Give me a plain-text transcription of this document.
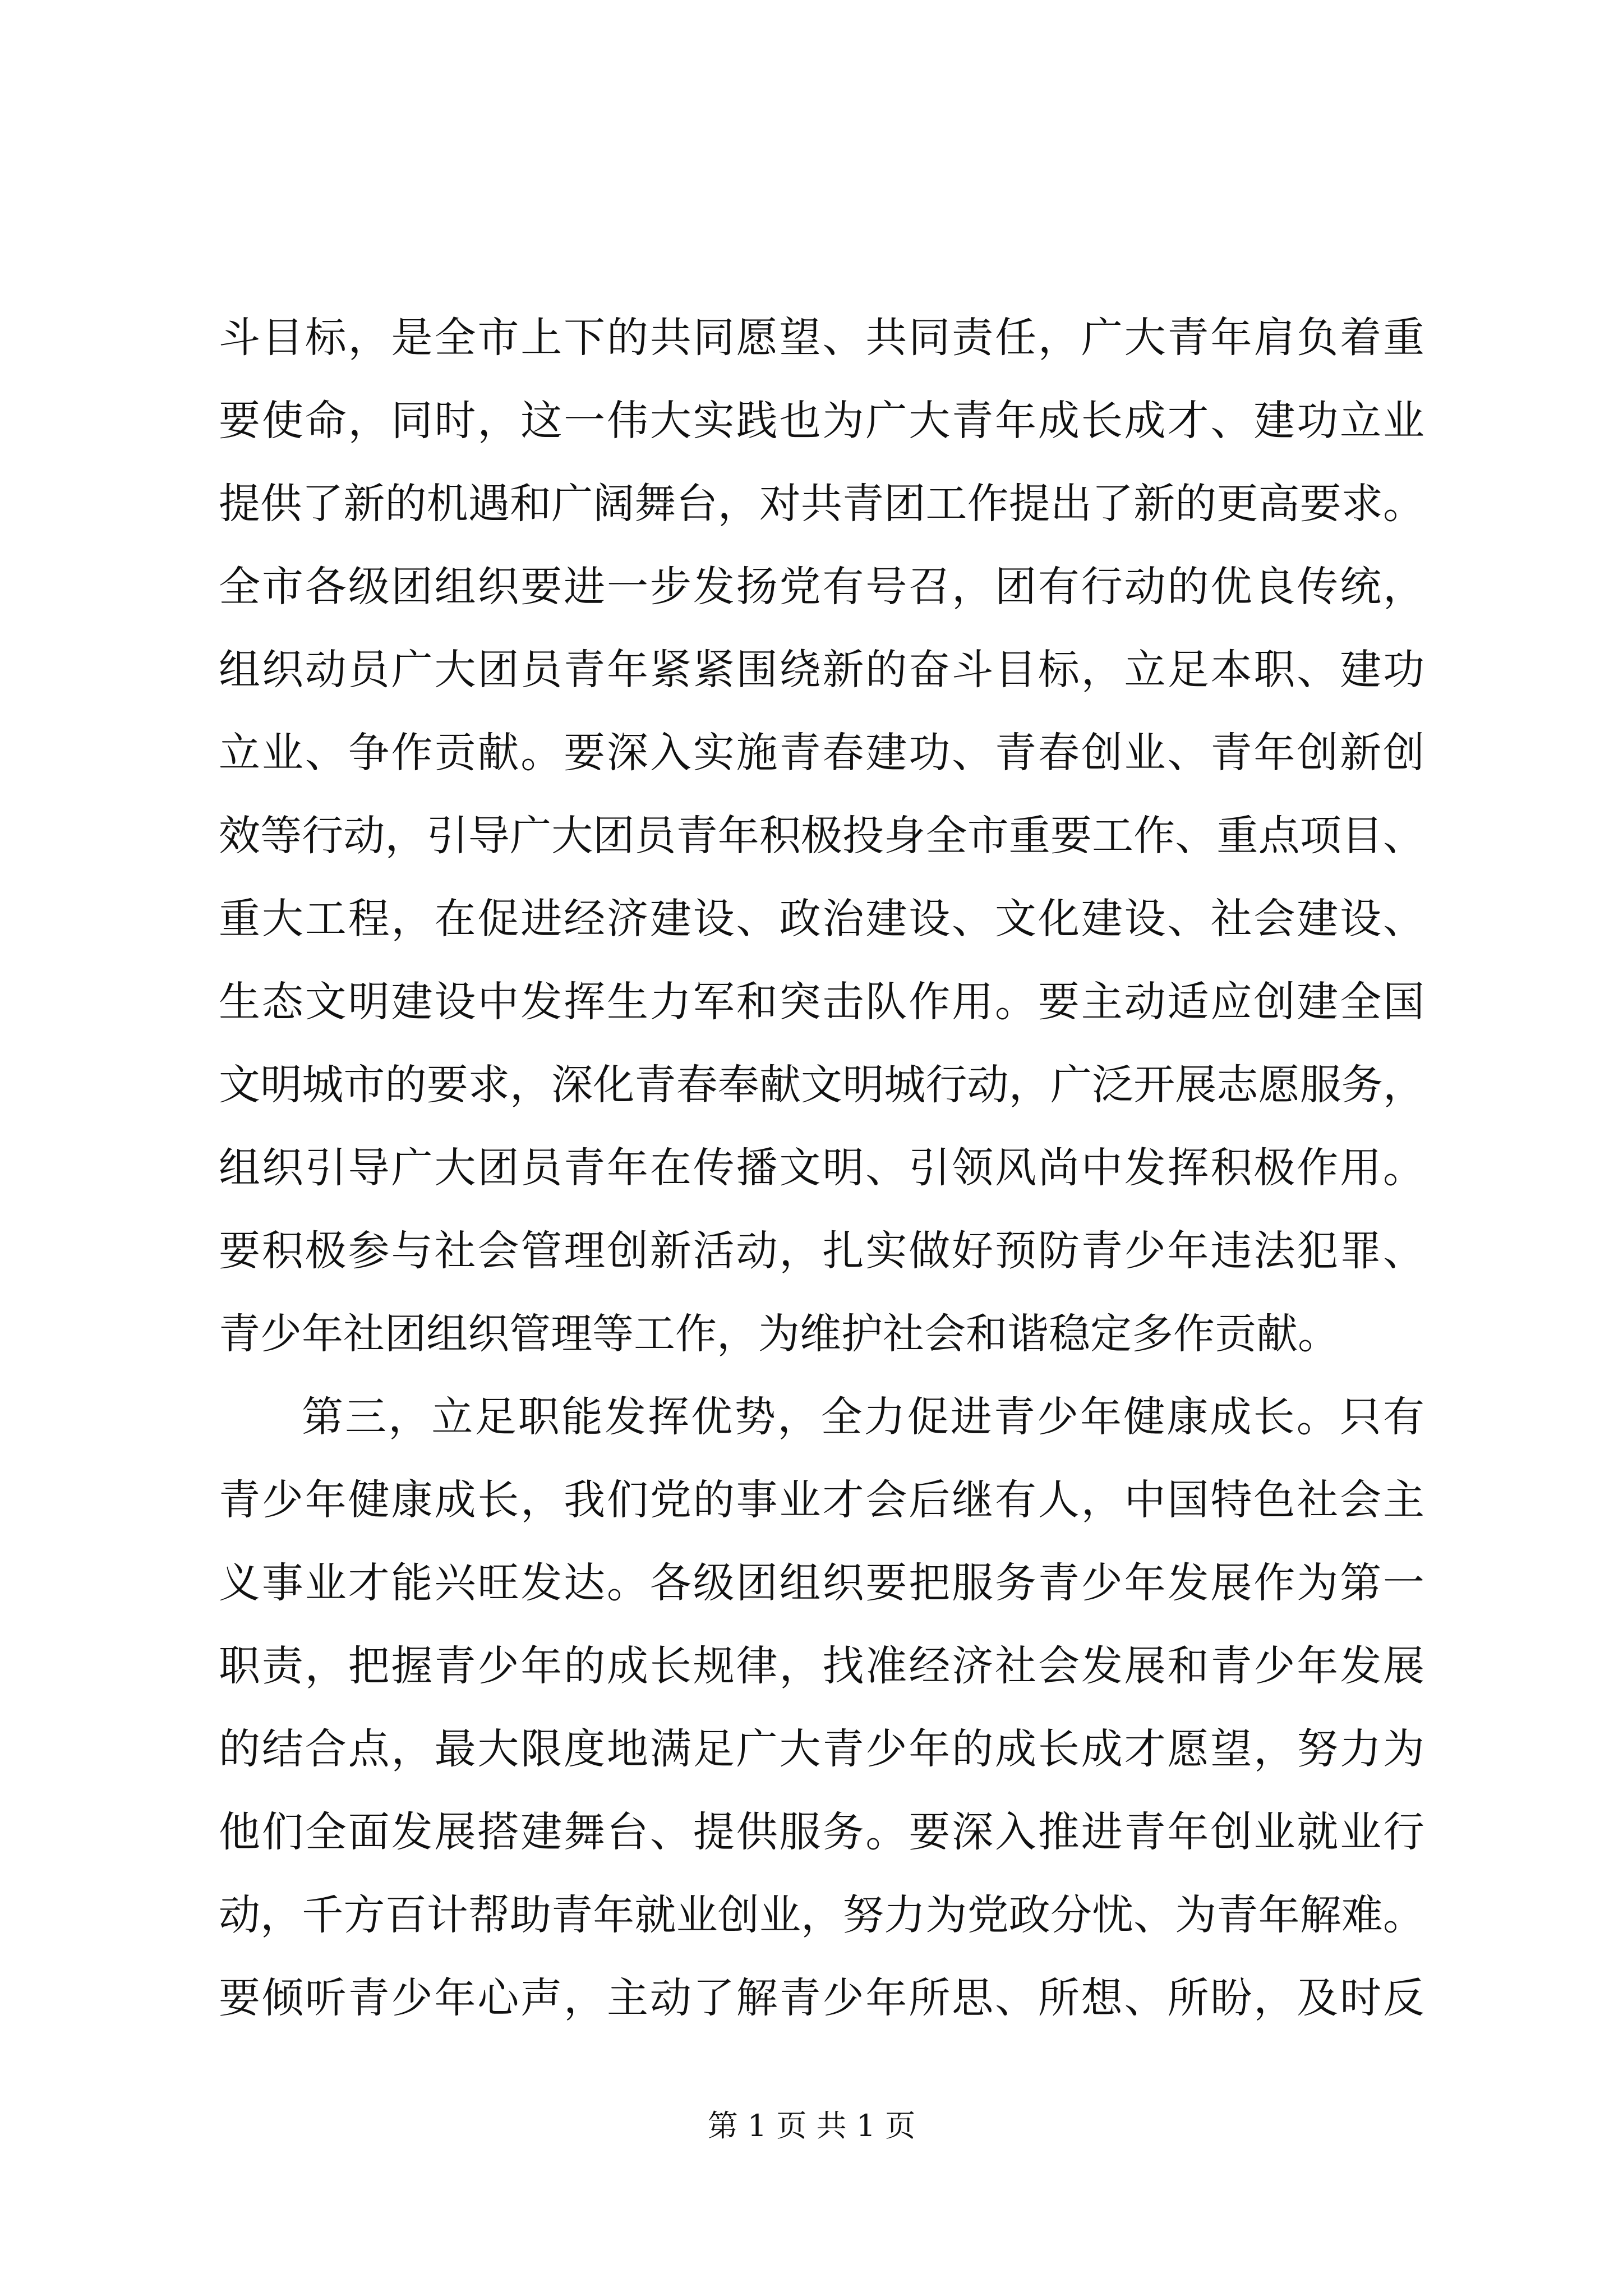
斗目标，是全市上下的共同愿望、共同责任，广大青年肩负着重
要使命，同时，这一伟大实践也为广大青年成长成才、建功立业
提供了新的机遇和广阔舞台，对共青团工作提出了新的更高要求。
全市各级团组织要进一步发扬党有号召，团有行动的优良传统，
组织动员广大团员青年紧紧围绕新的奋斗目标，立足本职、建功
立业、争作贡献。要深入实施青春建功、青春创业、青年创新创
效等行动，引导广大团员青年积极投身全市重要工作、重点项目、
重大工程，在促进经济建设、政治建设、文化建设、社会建设、
生态文明建设中发挥生力军和突击队作用。要主动适应创建全国
文明城市的要求，深化青春奉献文明城行动，广泛开展志愿服务，
组织引导广大团员青年在传播文明、引领风尚中发挥积极作用。
要积极参与社会管理创新活动，扎实做好预防青少年违法犯罪、
青少年社团组织管理等工作，为维护社会和谐稳定多作贡献。
第三，立足职能发挥优势，全力促进青少年健康成长。只有
青少年健康成长，我们党的事业才会后继有人，中国特色社会主
义事业才能兴旺发达。各级团组织要把服务青少年发展作为第一
职责，把握青少年的成长规律，找准经济社会发展和青少年发展
的结合点，最大限度地满足广大青少年的成长成才愿望，努力为
他们全面发展搭建舞台、提供服务。要深入推进青年创业就业行
动，千方百计帮助青年就业创业，努力为党政分忧、为青年解难。
要倾听青少年心声，主动了解青少年所思、所想、所盼，及时反
第 1 页 共 1 页
